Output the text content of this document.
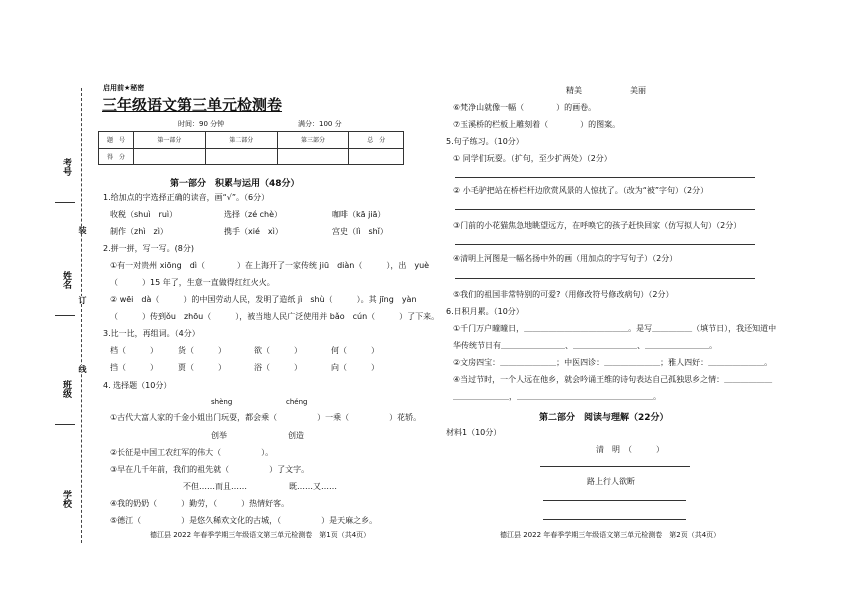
考号
姓名
班级
学校
装
订
线
启用前★秘密
三年级语文第三单元检测卷
时间：90 分钟	满分：100 分
题　号	第一部分	第二部分	第三部分	总　分
得　分				
第一部分　积累与运用（48分）
1.给加点的字选择正确的读音，画“√”。（6分）
收税（shuì　ruì）	选择（zé chè）	咖啡（kā jiā）
制作（zhì　zì）	携手（xié　xì）	宫史（lì　shǐ）
2.拼一拼，写一写。(8分)
①有一对贵州 xiōng　dì（　　　　）在上海开了一家传统 jiū　diàn（　　　），出　yuè
（　　　）15 年了，生意一直做得红红火火。
② wēi　dà（　　　）的中国劳动人民，发明了造纸 jì　shù（　　　）。其 jīng　yàn
（　　　）传到ǒu　zhōu（　　　），被当地人民广泛使用并 bǎo　cún（　　　）了下来。
3.比一比，再组词。（4分）
档（　　　）	货（　　　）	欲（　　　）	何（　　　）
挡（　　　）	贾（　　　）	浴（　　　）	向（　　　）
4. 选择题（10分）
shèng	chéng
①古代大富人家的千金小姐出门玩耍，都会乘（　　　　　）一乘（　　　　　）花轿。
创举	创造
②长征是中国工农红军的伟大（　　　　　）。
③早在几千年前，我们的祖先就（　　　　　）了文字。
不但……而且……	既……又……
④我的奶奶（　　　）勤劳，（　　　）热情好客。
⑤德江（　　　　　）是悠久稀欢文化的古城，（　　　　　）是天麻之乡。
德江县 2022 年春季学期三年级语文第三单元检测卷　第1页（共4页）
精美	美丽
⑥梵净山就像一幅（　　　　）的画卷。
⑦玉溪桥的栏板上雕刻着（　　　　）的图案。
5.句子练习。（10分）
① 同学们玩耍。（扩句，至少扩两处）（2分）
② 小毛驴把站在桥栏杆边欣赏风景的人惊扰了。（改为“被”字句）（2分）
③门前的小花猫焦急地眺望远方，在呼唤它的孩子赶快回家（仿写拟人句）（2分）
④清明上河图是一幅名扬中外的画（用加点的字写句子）（2分）
⑤我们的祖国非常特别的可爱?（用修改符号修改病句）（2分）
6.日积月累。（10分）
①千门万户曈曈日，＿＿＿＿＿＿＿＿＿＿＿＿＿。是写＿＿＿＿＿（填节日），我还知道中
华传统节日有＿＿＿＿＿＿＿＿、＿＿＿＿＿＿＿＿、＿＿＿＿＿＿＿＿。
②文房四宝：＿＿＿＿＿＿＿；中医四诊：＿＿＿＿＿＿＿；雅人四好：＿＿＿＿＿＿＿。
④当过节时，一个人远在他乡，就会吟诵王维的诗句表达自己孤独思乡之情：＿＿＿＿＿＿
＿＿＿＿＿＿＿，＿＿＿＿＿＿＿＿＿＿＿＿＿＿＿＿＿。
第二部分　阅读与理解（22分）
材料1（10分）
清　明　（　　　）
路上行人欲断
德江县 2022 年春季学期三年级语文第三单元检测卷　第2页（共4页）
